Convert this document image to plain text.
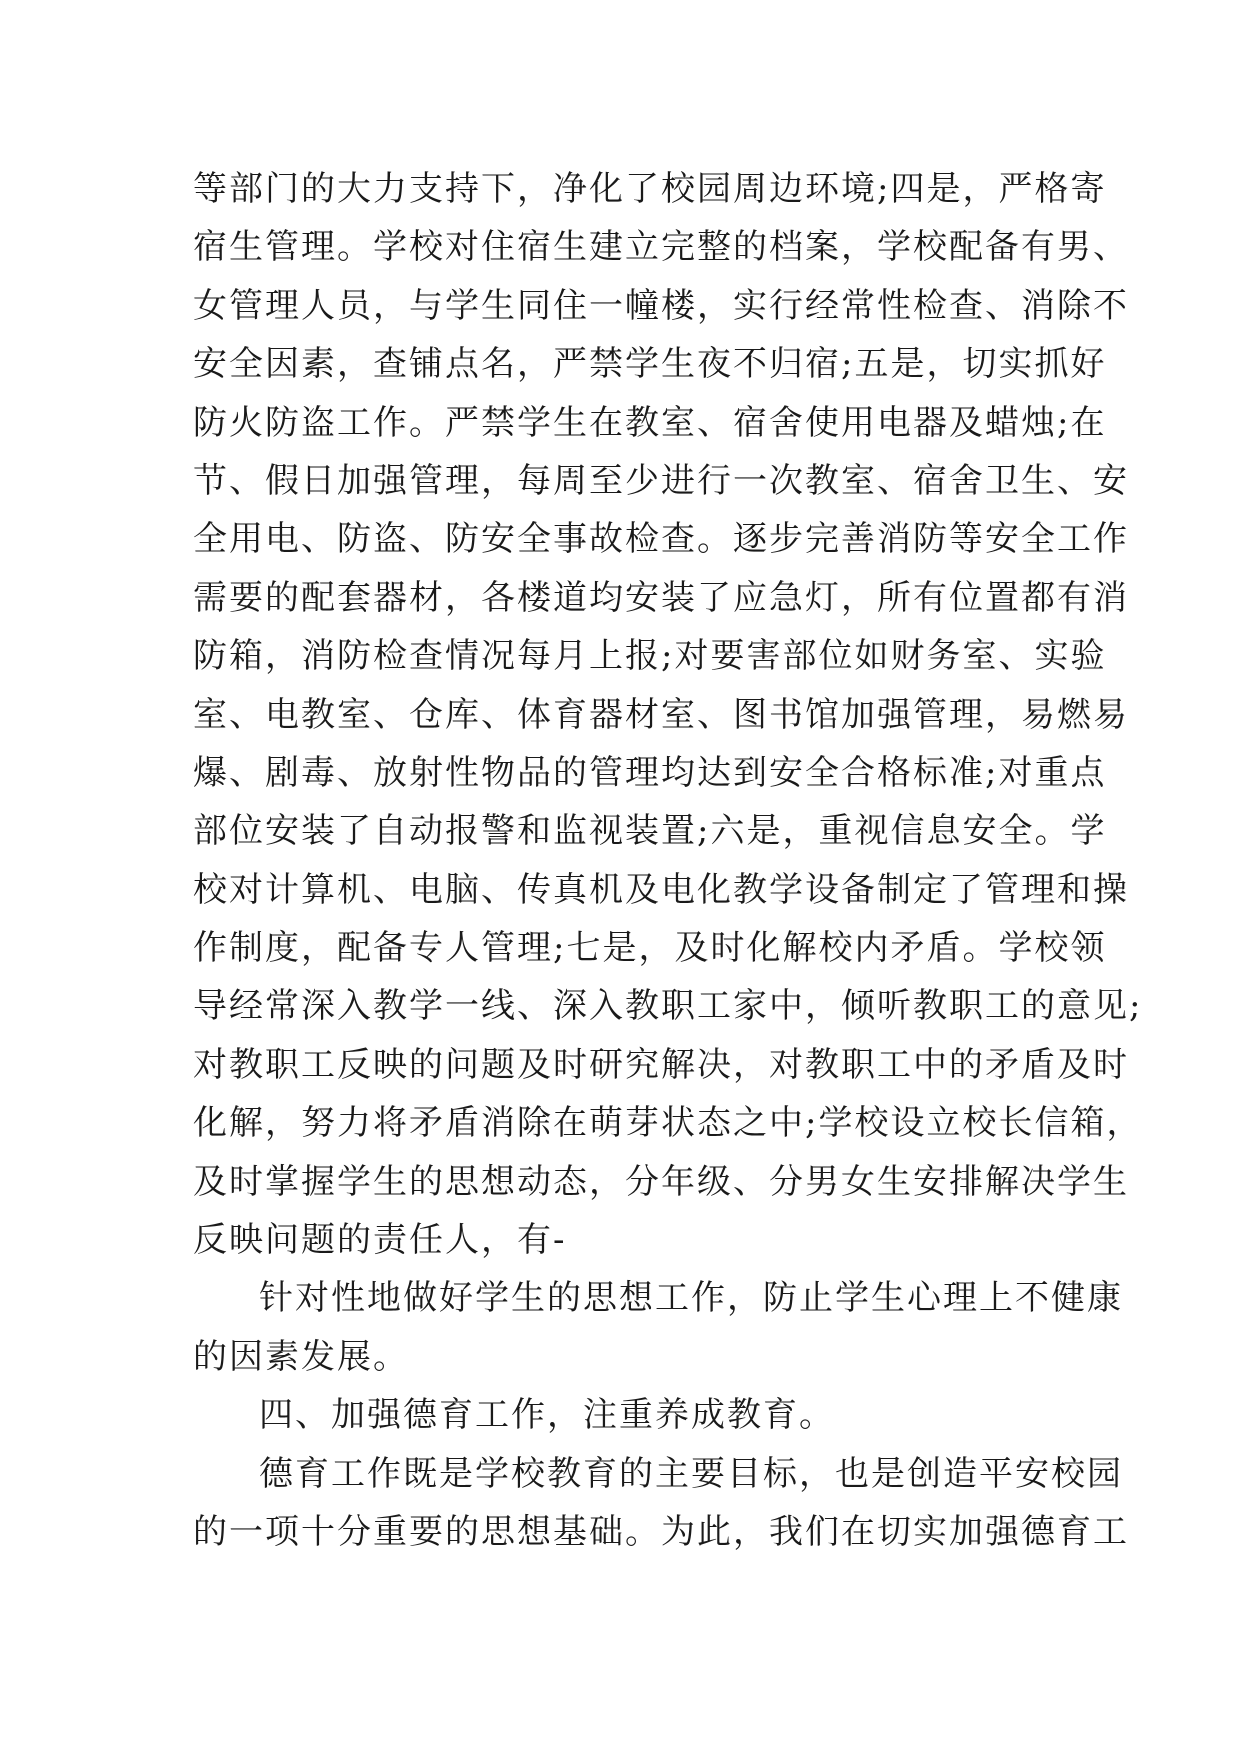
等部门的大力支持下，净化了校园周边环境;四是，严格寄
宿生管理。学校对住宿生建立完整的档案，学校配备有男、
女管理人员，与学生同住一幢楼，实行经常性检查、消除不
安全因素，查铺点名，严禁学生夜不归宿;五是，切实抓好
防火防盗工作。严禁学生在教室、宿舍使用电器及蜡烛;在
节、假日加强管理，每周至少进行一次教室、宿舍卫生、安
全用电、防盗、防安全事故检查。逐步完善消防等安全工作
需要的配套器材，各楼道均安装了应急灯，所有位置都有消
防箱，消防检查情况每月上报;对要害部位如财务室、实验
室、电教室、仓库、体育器材室、图书馆加强管理，易燃易
爆、剧毒、放射性物品的管理均达到安全合格标准;对重点
部位安装了自动报警和监视装置;六是，重视信息安全。学
校对计算机、电脑、传真机及电化教学设备制定了管理和操
作制度，配备专人管理;七是，及时化解校内矛盾。学校领
导经常深入教学一线、深入教职工家中，倾听教职工的意见;
对教职工反映的问题及时研究解决，对教职工中的矛盾及时
化解，努力将矛盾消除在萌芽状态之中;学校设立校长信箱，
及时掌握学生的思想动态，分年级、分男女生安排解决学生
反映问题的责任人，有-
针对性地做好学生的思想工作，防止学生心理上不健康
的因素发展。
四、加强德育工作，注重养成教育。
德育工作既是学校教育的主要目标，也是创造平安校园
的一项十分重要的思想基础。为此，我们在切实加强德育工
